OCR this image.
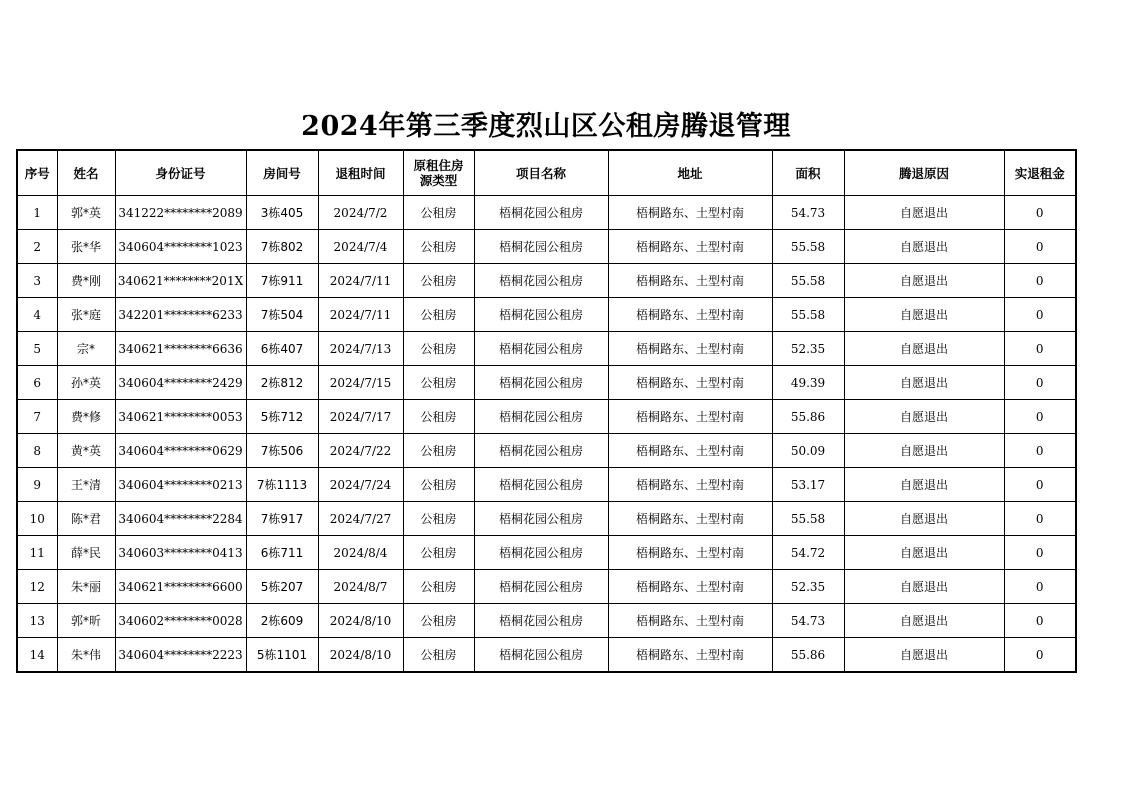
2024年第三季度烈山区公租房腾退管理
序号	姓名	身份证号	房间号	退租时间	原租住房源类型	项目名称	地址	面积	腾退原因	实退租金
1	郭*英	341222********2089	3栋405	2024/7/2	公租房	梧桐花园公租房	梧桐路东、土型村南	54.73	自愿退出	0
2	张*华	340604********1023	7栋802	2024/7/4	公租房	梧桐花园公租房	梧桐路东、土型村南	55.58	自愿退出	0
3	费*刚	340621********201X	7栋911	2024/7/11	公租房	梧桐花园公租房	梧桐路东、土型村南	55.58	自愿退出	0
4	张*庭	342201********6233	7栋504	2024/7/11	公租房	梧桐花园公租房	梧桐路东、土型村南	55.58	自愿退出	0
5	宗*	340621********6636	6栋407	2024/7/13	公租房	梧桐花园公租房	梧桐路东、土型村南	52.35	自愿退出	0
6	孙*英	340604********2429	2栋812	2024/7/15	公租房	梧桐花园公租房	梧桐路东、土型村南	49.39	自愿退出	0
7	费*修	340621********0053	5栋712	2024/7/17	公租房	梧桐花园公租房	梧桐路东、土型村南	55.86	自愿退出	0
8	黄*英	340604********0629	7栋506	2024/7/22	公租房	梧桐花园公租房	梧桐路东、土型村南	50.09	自愿退出	0
9	王*清	340604********0213	7栋1113	2024/7/24	公租房	梧桐花园公租房	梧桐路东、土型村南	53.17	自愿退出	0
10	陈*君	340604********2284	7栋917	2024/7/27	公租房	梧桐花园公租房	梧桐路东、土型村南	55.58	自愿退出	0
11	薛*民	340603********0413	6栋711	2024/8/4	公租房	梧桐花园公租房	梧桐路东、土型村南	54.72	自愿退出	0
12	朱*丽	340621********6600	5栋207	2024/8/7	公租房	梧桐花园公租房	梧桐路东、土型村南	52.35	自愿退出	0
13	郭*昕	340602********0028	2栋609	2024/8/10	公租房	梧桐花园公租房	梧桐路东、土型村南	54.73	自愿退出	0
14	朱*伟	340604********2223	5栋1101	2024/8/10	公租房	梧桐花园公租房	梧桐路东、土型村南	55.86	自愿退出	0
